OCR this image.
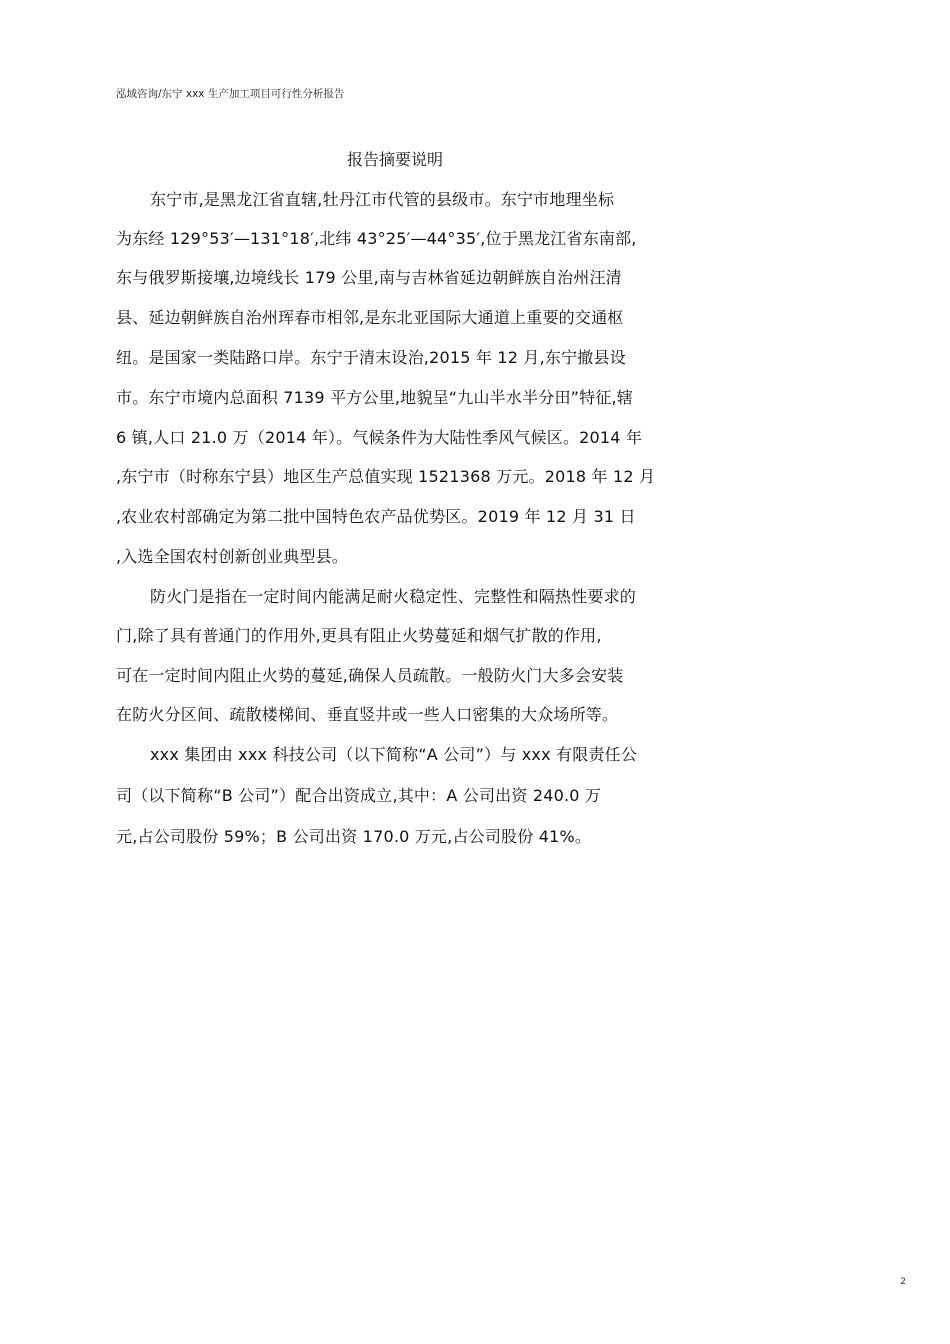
泓域咨询/东宁 xxx 生产加工项目可行性分析报告
报告摘要说明
东宁市,是黑龙江省直辖,牡丹江市代管的县级市。东宁市地理坐标
为东经 129°53′—131°18′,北纬 43°25′—44°35′,位于黑龙江省东南部,
东与俄罗斯接壤,边境线长 179 公里,南与吉林省延边朝鲜族自治州汪清
县、延边朝鲜族自治州珲春市相邻,是东北亚国际大通道上重要的交通枢
纽。是国家一类陆路口岸。东宁于清末设治,2015 年 12 月,东宁撤县设
市。东宁市境内总面积 7139 平方公里,地貌呈“九山半水半分田”特征,辖
6 镇,人口 21.0 万（2014 年）。气候条件为大陆性季风气候区。2014 年
,东宁市（时称东宁县）地区生产总值实现 1521368 万元。2018 年 12 月
,农业农村部确定为第二批中国特色农产品优势区。2019 年 12 月 31 日
,入选全国农村创新创业典型县。
防火门是指在一定时间内能满足耐火稳定性、完整性和隔热性要求的
门,除了具有普通门的作用外,更具有阻止火势蔓延和烟气扩散的作用,
可在一定时间内阻止火势的蔓延,确保人员疏散。一般防火门大多会安装
在防火分区间、疏散楼梯间、垂直竖井或一些人口密集的大众场所等。
xxx 集团由 xxx 科技公司（以下简称“A 公司”）与 xxx 有限责任公
司（以下简称“B 公司”）配合出资成立,其中：A 公司出资 240.0 万
元,占公司股份 59%；B 公司出资 170.0 万元,占公司股份 41%。
2
